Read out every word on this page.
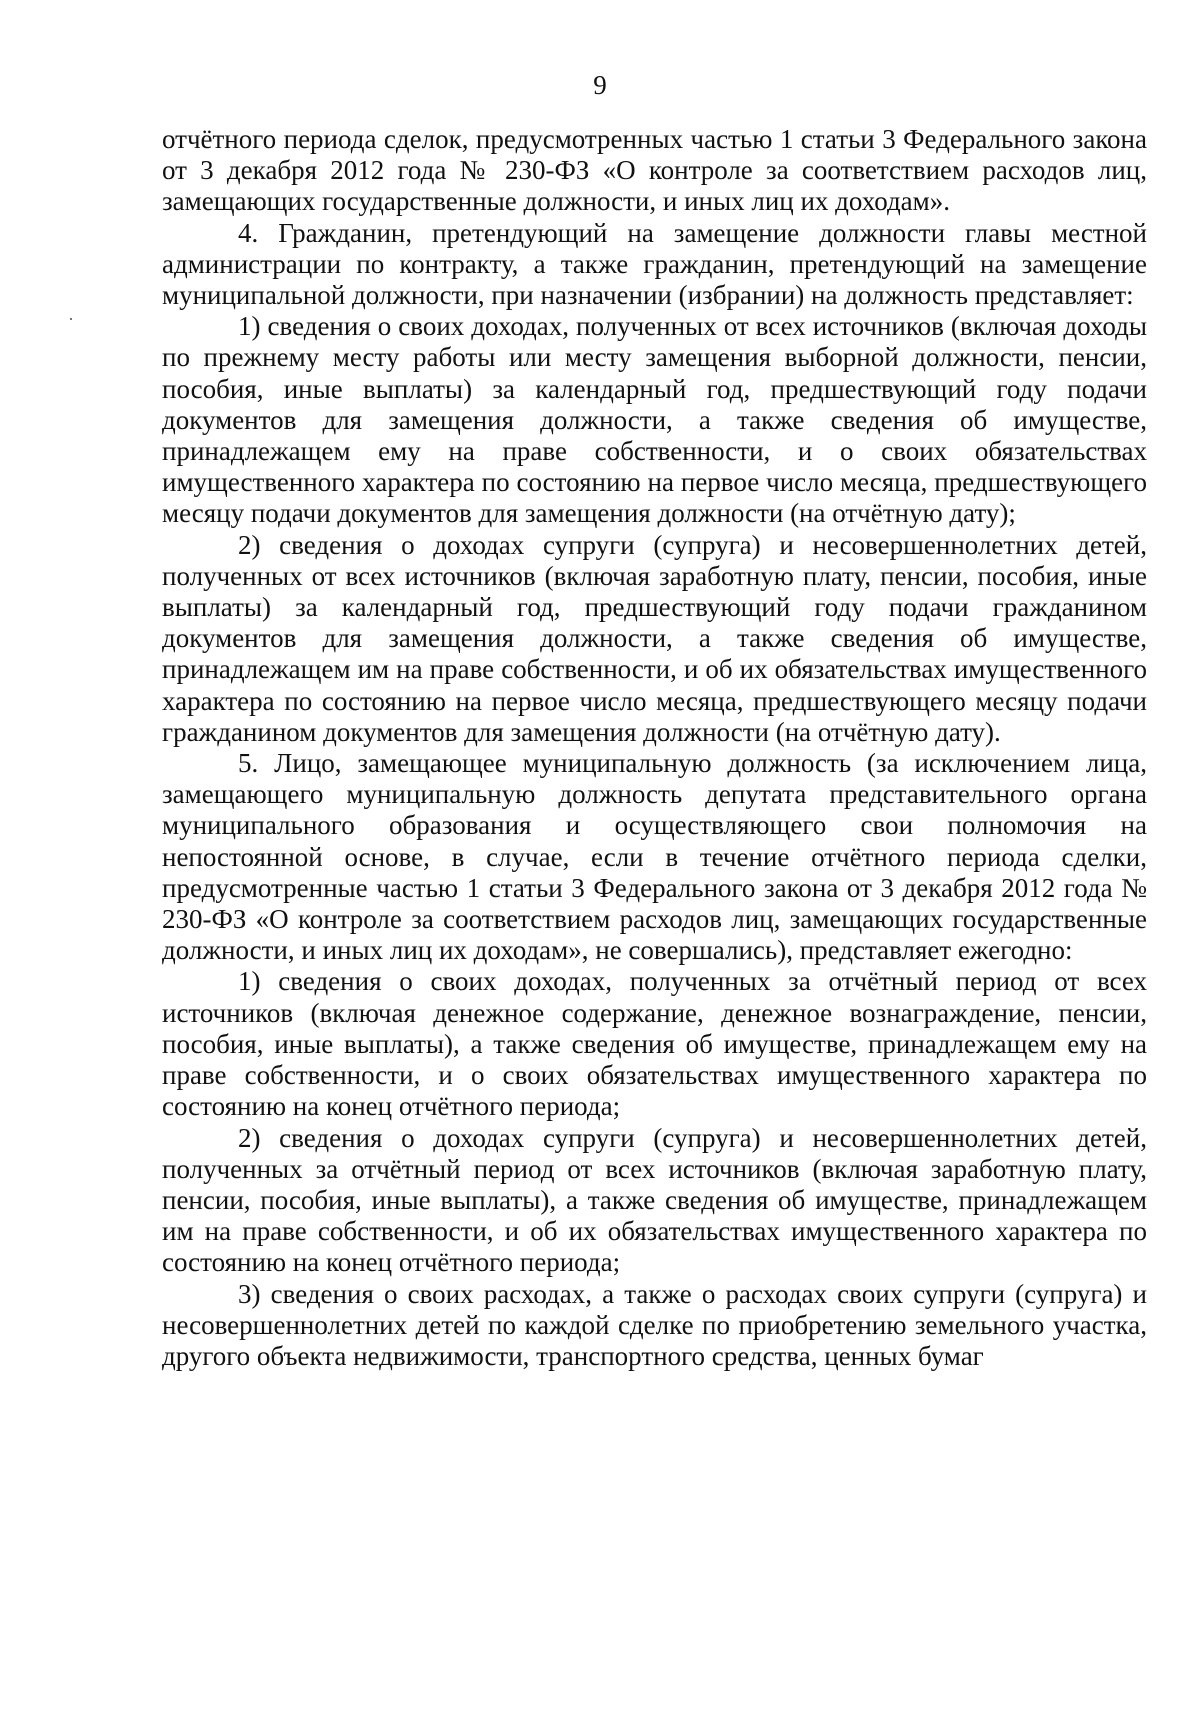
9

отчётного периода сделок, предусмотренных частью 1 статьи 3 Федерального закона от 3 декабря 2012 года № 230-ФЗ «О контроле за соответствием расходов лиц, замещающих государственные должности, и иных лиц их доходам».

4. Гражданин, претендующий на замещение должности главы местной администрации по контракту, а также гражданин, претендующий на замещение муниципальной должности, при назначении (избрании) на должность представляет:

1) сведения о своих доходах, полученных от всех источников (включая доходы по прежнему месту работы или месту замещения выборной должности, пенсии, пособия, иные выплаты) за календарный год, предшествующий году подачи документов для замещения должности, а также сведения об имуществе, принадлежащем ему на праве собственности, и о своих обязательствах имущественного характера по состоянию на первое число месяца, предшествующего месяцу подачи документов для замещения должности (на отчётную дату);

2) сведения о доходах супруги (супруга) и несовершеннолетних детей, полученных от всех источников (включая заработную плату, пенсии, пособия, иные выплаты) за календарный год, предшествующий году подачи гражданином документов для замещения должности, а также сведения об имуществе, принадлежащем им на праве собственности, и об их обязательствах имущественного характера по состоянию на первое число месяца, предшествующего месяцу подачи гражданином документов для замещения должности (на отчётную дату).

5. Лицо, замещающее муниципальную должность (за исключением лица, замещающего муниципальную должность депутата представительного органа муниципального образования и осуществляющего свои полномочия на непостоянной основе, в случае, если в течение отчётного периода сделки, предусмотренные частью 1 статьи 3 Федерального закона от 3 декабря 2012 года № 230-ФЗ «О контроле за соответствием расходов лиц, замещающих государственные должности, и иных лиц их доходам», не совершались), представляет ежегодно:

1) сведения о своих доходах, полученных за отчётный период от всех источников (включая денежное содержание, денежное вознаграждение, пенсии, пособия, иные выплаты), а также сведения об имуществе, принадлежащем ему на праве собственности, и о своих обязательствах имущественного характера по состоянию на конец отчётного периода;

2) сведения о доходах супруги (супруга) и несовершеннолетних детей, полученных за отчётный период от всех источников (включая заработную плату, пенсии, пособия, иные выплаты), а также сведения об имуществе, принадлежащем им на праве собственности, и об их обязательствах имущественного характера по состоянию на конец отчётного периода;

3) сведения о своих расходах, а также о расходах своих супруги (супруга) и несовершеннолетних детей по каждой сделке по приобретению земельного участка, другого объекта недвижимости, транспортного средства, ценных бумаг
